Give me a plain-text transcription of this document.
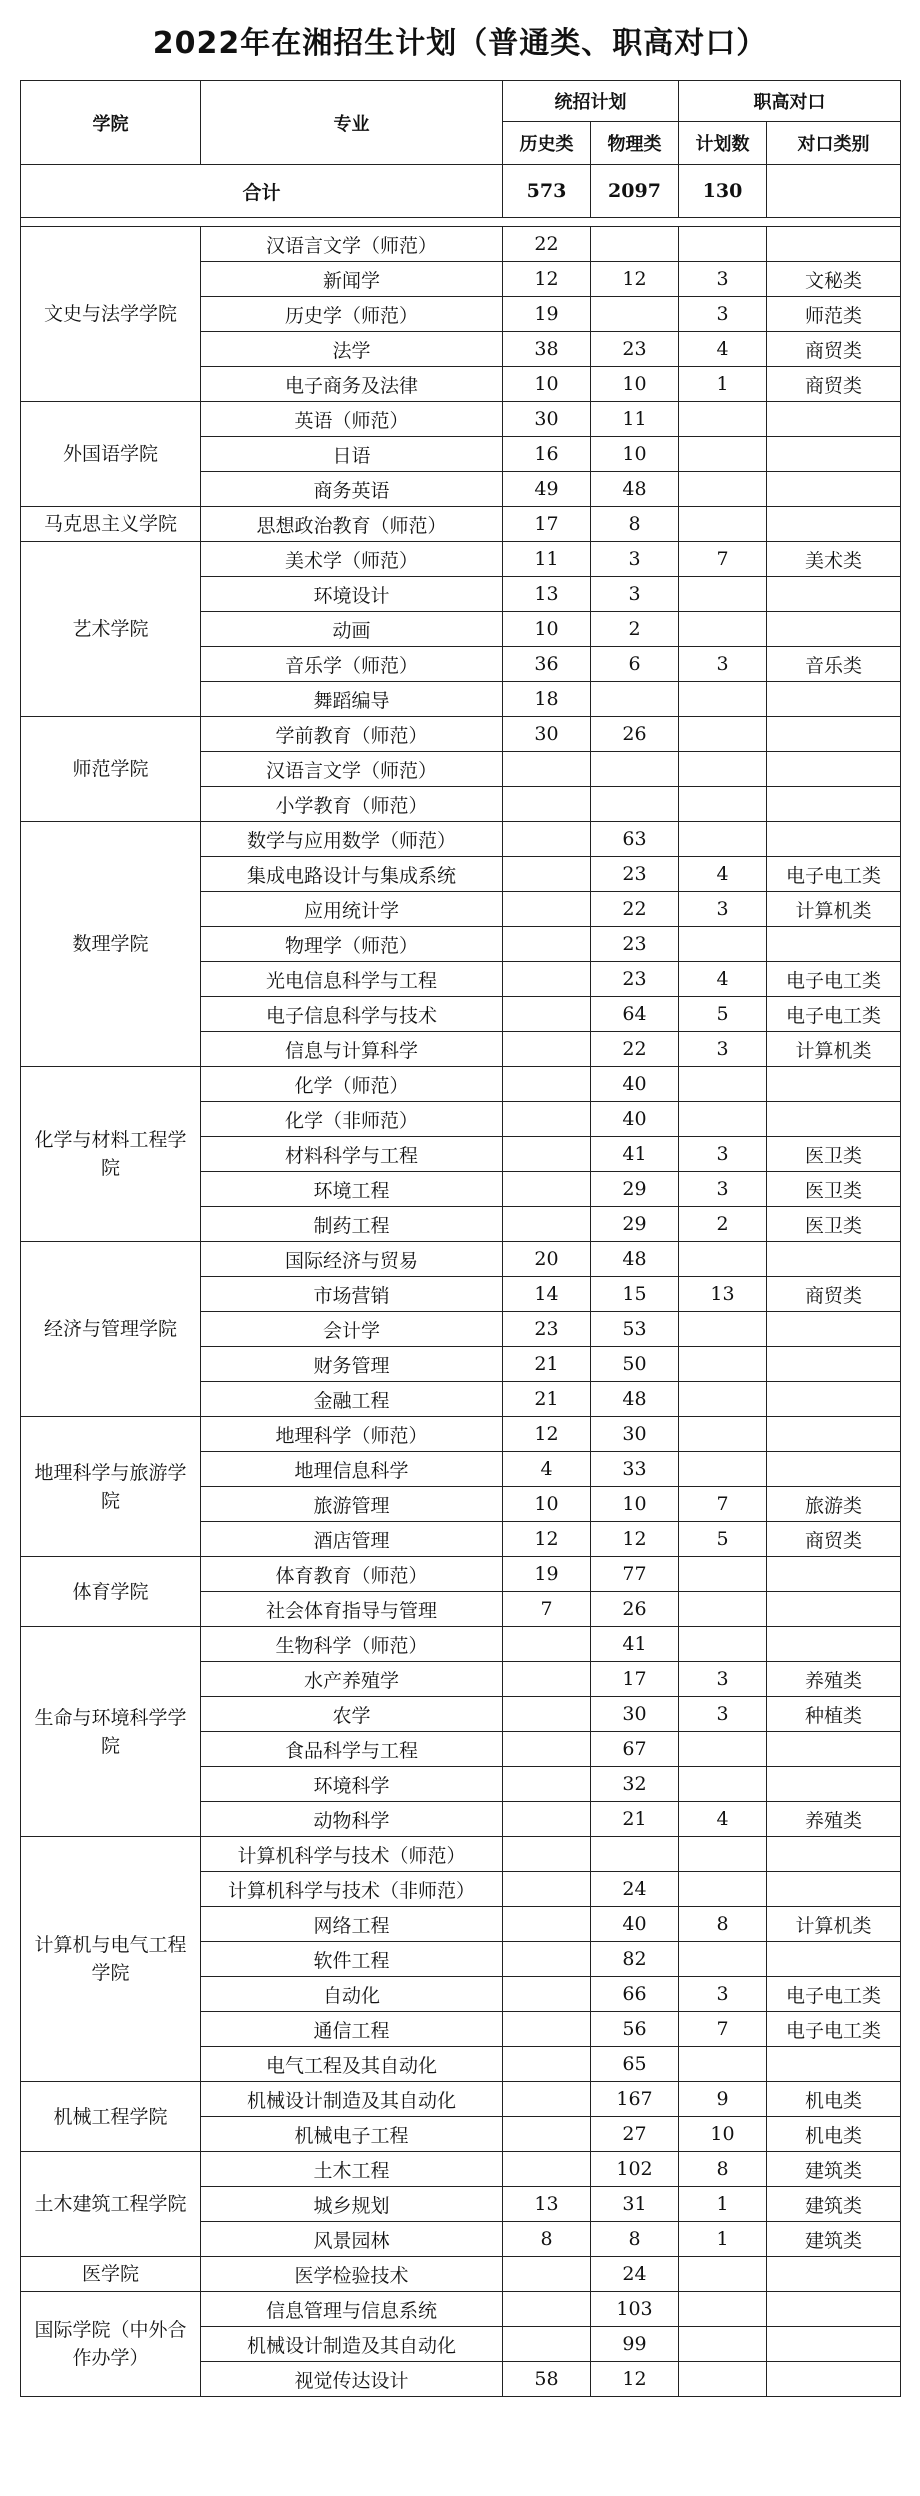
2022年在湘招生计划（普通类、职高对口）
学院	专业	统招计划		职高对口	
		历史类	物理类	计划数	对口类别
合计		573	2097	130	

文史与法学学院	汉语言文学（师范）	22			
	新闻学	12	12	3	文秘类
	历史学（师范）	19		3	师范类
	法学	38	23	4	商贸类
	电子商务及法律	10	10	1	商贸类
外国语学院	英语（师范）	30	11		
	日语	16	10		
	商务英语	49	48		
马克思主义学院	思想政治教育（师范）	17	8		
艺术学院	美术学（师范）	11	3	7	美术类
	环境设计	13	3		
	动画	10	2		
	音乐学（师范）	36	6	3	音乐类
	舞蹈编导	18			
师范学院	学前教育（师范）	30	26		
	汉语言文学（师范）				
	小学教育（师范）				
数理学院	数学与应用数学（师范）		63		
	集成电路设计与集成系统		23	4	电子电工类
	应用统计学		22	3	计算机类
	物理学（师范）		23		
	光电信息科学与工程		23	4	电子电工类
	电子信息科学与技术		64	5	电子电工类
	信息与计算科学		22	3	计算机类
化学与材料工程学院	化学（师范）		40		
	化学（非师范）		40		
	材料科学与工程		41	3	医卫类
	环境工程		29	3	医卫类
	制药工程		29	2	医卫类
经济与管理学院	国际经济与贸易	20	48		
	市场营销	14	15	13	商贸类
	会计学	23	53		
	财务管理	21	50		
	金融工程	21	48		
地理科学与旅游学院	地理科学（师范）	12	30		
	地理信息科学	4	33		
	旅游管理	10	10	7	旅游类
	酒店管理	12	12	5	商贸类
体育学院	体育教育（师范）	19	77		
	社会体育指导与管理	7	26		
生命与环境科学学院	生物科学（师范）		41		
	水产养殖学		17	3	养殖类
	农学		30	3	种植类
	食品科学与工程		67		
	环境科学		32		
	动物科学		21	4	养殖类
计算机与电气工程学院	计算机科学与技术（师范）				
	计算机科学与技术（非师范）		24		
	网络工程		40	8	计算机类
	软件工程		82		
	自动化		66	3	电子电工类
	通信工程		56	7	电子电工类
	电气工程及其自动化		65		
机械工程学院	机械设计制造及其自动化		167	9	机电类
	机械电子工程		27	10	机电类
土木建筑工程学院	土木工程		102	8	建筑类
	城乡规划	13	31	1	建筑类
	风景园林	8	8	1	建筑类
医学院	医学检验技术		24		
国际学院（中外合作办学）	信息管理与信息系统		103		
	机械设计制造及其自动化		99		
	视觉传达设计	58	12		
